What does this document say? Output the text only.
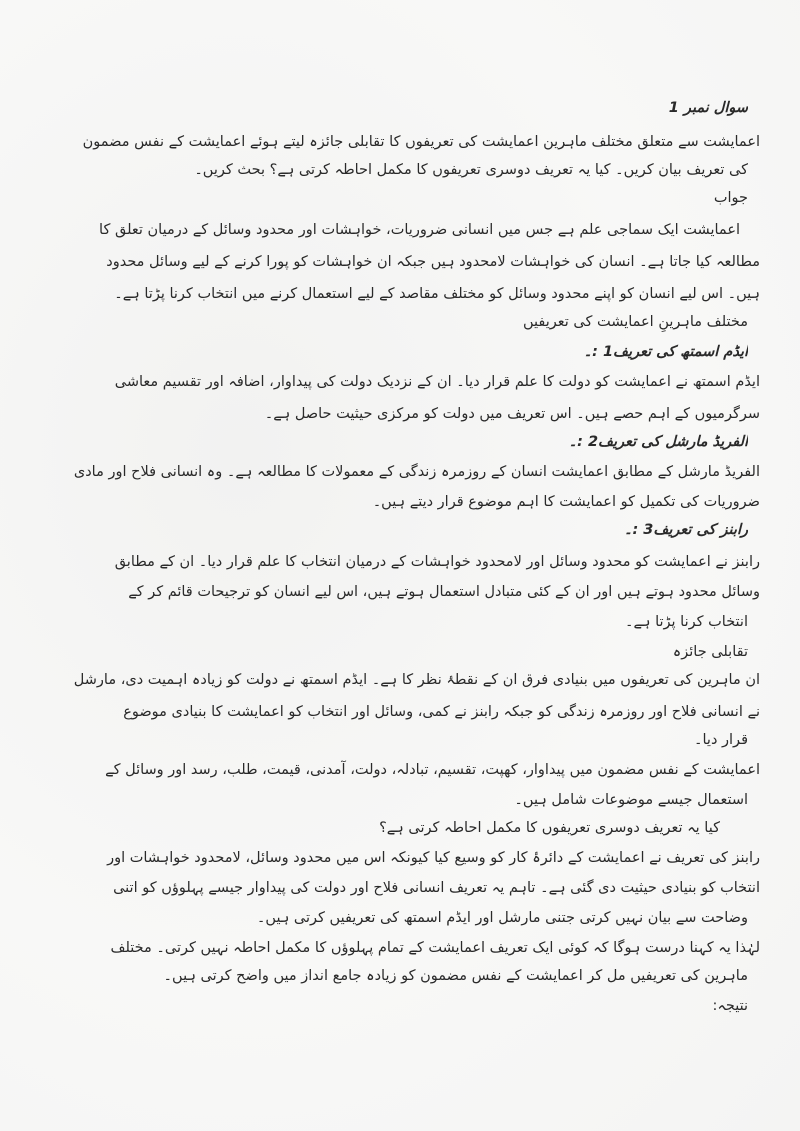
سوال نمبر 1
اعمایشت سے متعلق مختلف ماہرین اعمایشت کی تعریفوں کا تقابلی جائزہ لیتے ہوئے اعمایشت کے نفس مضمون
کی تعریف بیان کریں۔ کیا یہ تعریف دوسری تعریفوں کا مکمل احاطہ کرتی ہے؟ بحث کریں۔
جواب
اعمایشت ایک سماجی علم ہے جس میں انسانی ضروریات، خواہشات اور محدود وسائل کے درمیان تعلق کا
مطالعہ کیا جاتا ہے۔ انسان کی خواہشات لامحدود ہیں جبکہ ان خواہشات کو پورا کرنے کے لیے وسائل محدود
ہیں۔ اس لیے انسان کو اپنے محدود وسائل کو مختلف مقاصد کے لیے استعمال کرنے میں انتخاب کرنا پڑتا ہے۔
مختلف ماہرینِ اعمایشت کی تعریفیں
ایڈم اسمتھ کی تعریف1 :۔
ایڈم اسمتھ نے اعمایشت کو دولت کا علم قرار دیا۔ ان کے نزدیک دولت کی پیداوار، اضافہ اور تقسیم معاشی
سرگرمیوں کے اہم حصے ہیں۔ اس تعریف میں دولت کو مرکزی حیثیت حاصل ہے۔
الفریڈ مارشل کی تعریف2 :۔
الفریڈ مارشل کے مطابق اعمایشت انسان کے روزمرہ زندگی کے معمولات کا مطالعہ ہے۔ وہ انسانی فلاح اور مادی
ضروریات کی تکمیل کو اعمایشت کا اہم موضوع قرار دیتے ہیں۔
رابنز کی تعریف3 :۔
رابنز نے اعمایشت کو محدود وسائل اور لامحدود خواہشات کے درمیان انتخاب کا علم قرار دیا۔ ان کے مطابق
وسائل محدود ہوتے ہیں اور ان کے کئی متبادل استعمال ہوتے ہیں، اس لیے انسان کو ترجیحات قائم کر کے
انتخاب کرنا پڑتا ہے۔
تقابلی جائزہ
ان ماہرین کی تعریفوں میں بنیادی فرق ان کے نقطۂ نظر کا ہے۔ ایڈم اسمتھ نے دولت کو زیادہ اہمیت دی، مارشل
نے انسانی فلاح اور روزمرہ زندگی کو جبکہ رابنز نے کمی، وسائل اور انتخاب کو اعمایشت کا بنیادی موضوع
قرار دیا۔
اعمایشت کے نفس مضمون میں پیداوار، کھپت، تقسیم، تبادلہ، دولت، آمدنی، قیمت، طلب، رسد اور وسائل کے
استعمال جیسے موضوعات شامل ہیں۔
کیا یہ تعریف دوسری تعریفوں کا مکمل احاطہ کرتی ہے؟
رابنز کی تعریف نے اعمایشت کے دائرۂ کار کو وسیع کیا کیونکہ اس میں محدود وسائل، لامحدود خواہشات اور
انتخاب کو بنیادی حیثیت دی گئی ہے۔ تاہم یہ تعریف انسانی فلاح اور دولت کی پیداوار جیسے پہلوؤں کو اتنی
وضاحت سے بیان نہیں کرتی جتنی مارشل اور ایڈم اسمتھ کی تعریفیں کرتی ہیں۔
لہٰذا یہ کہنا درست ہوگا کہ کوئی ایک تعریف اعمایشت کے تمام پہلوؤں کا مکمل احاطہ نہیں کرتی۔ مختلف
ماہرین کی تعریفیں مل کر اعمایشت کے نفس مضمون کو زیادہ جامع انداز میں واضح کرتی ہیں۔
نتیجہ:
